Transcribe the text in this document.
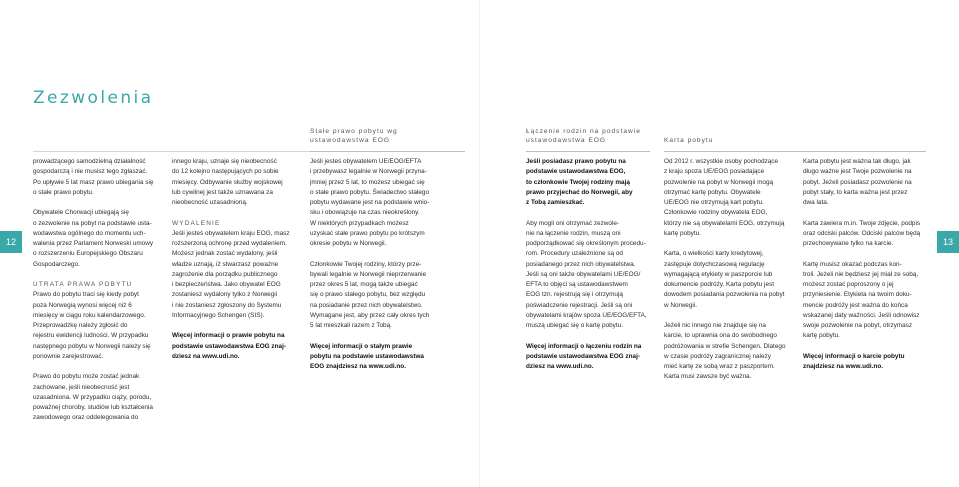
Zezwolenia
Stałe prawo pobytu wg
ustawodawstwa EOG
Łączenie rodzin na podstawie
ustawodawstwa EOG	Karta pobytu

prowadzącego samodzielną działalność
gospodarczą i nie musisz tego zgłaszać.
Po upływie 5 lat masz prawo ubiegania się
o stałe prawo pobytu.

Obywatele Chorwacji ubiegają się
o zezwolenie na pobyt na podstawie usta-
wodawstwa ogólnego do momentu uch-
walenia przez Parlament Norweski umowy
o rozszerzeniu Europejskiego Obszaru
Gospodarczego.

UTRATA PRAWA POBYTU

Prawo do pobytu traci się kiedy pobyt
poza Norwegią wynosi więcej niż 6
miesięcy w ciągu roku kalendarzowego.
Przeprowadzkę należy zgłosić do
rejestru ewidencji ludności. W przypadku
następnego pobytu w Norwegii należy się
ponownie zarejestrować.

Prawo do pobytu może zostać jednak
zachowane, jeśli nieobecność jest
uzasadniona. W przypadku ciąży, porodu,
poważnej choroby, studiów lub kształcenia
zawodowego oraz oddelegowania do

innego kraju, uznaje się nieobecność
do 12 kolejno następujących po sobie
miesięcy. Odbywanie służby wojskowej
lub cywilnej jest także uznawana za
nieobecność uzasadnioną.

WYDALENIE

Jeśli jesteś obywatelem kraju EOG, masz
rozszerzoną ochronę przed wydaleniem.
Możesz jednak zostać wydalony, jeśli
władze uznają, iż stwarzasz poważne
zagrożenie dla porządku publicznego
i bezpieczeństwa. Jako obywatel EOG
zostaniesz wydalony tylko z Norwegii
i nie zostaniesz zgłoszony do Systemu
Informacyjnego Schengen (SIS).

Więcej informacji o prawie pobytu na
podstawie ustawodawstwa EOG znaj-
dziesz na www.udi.no.

Jeśli jesteś obywatelem UE/EOG/EFTA
i przebywasz legalnie w Norwegii przyna-
jmniej przez 5 lat, to możesz ubiegać się
o stałe prawo pobytu. Świadectwo stałego
pobytu wydawane jest na podstawie wnio-
sku i obowiązuje na czas nieokreślony.
W niektórych przypadkach możesz
uzyskać stałe prawo pobytu po krótszym
okresie pobytu w Norwegii.

Członkowie Twojej rodziny, którzy prze-
bywali legalnie w Norwegii nieprzerwanie
przez okres 5 lat, mogą także ubiegać
się o prawo stałego pobytu, bez względu
na posiadanie przez nich obywatelstwo.
Wymagane jest, aby przez cały okres tych
5 lat mieszkali razem z Tobą.

Więcej informacji o stałym prawie
pobytu na podstawie ustawodawstwa
EOG znajdziesz na www.udi.no.

12

Jeśli posiadasz prawo pobytu na
podstawie ustawodawstwa EOG,
to członkowie Twojej rodziny mają
prawo przyjechać do Norwegii, aby
z Tobą zamieszkać.

Aby mogli oni otrzymać zezwole-
nie na łączenie rodzin, muszą oni
podporządkować się określonym procedu-
rom. Procedury uzależnione są od
posiadanego przez nich obywatelstwa.
Jeśli są oni także obywatelami UE/EOG/
EFTA to objęci są ustawodawstwem
EOG tzn. rejestrują się i otrzymują
poświadczenie rejestracji. Jeśli są oni
obywatelami krajów spoza UE/EOG/EFTA,
muszą ubiegać się o kartę pobytu.

Więcej informacji o łączeniu rodzin na
podstawie ustawodawstwa EOG znaj-
dziesz na www.udi.no.

Od 2012 r. wszystkie osoby pochodzące
z kraju spoza UE/EOG posiadające
pozwolenie na pobyt w Norwegii mogą
otrzymać kartę pobytu. Obywatele
UE/EOG nie otrzymują kart pobytu.
Członkowie rodziny obywatela EOG,
którzy nie są obywatelami EOG, otrzymują
kartę pobytu.

Karta, o wielkości karty kredytowej,
zastępuje dotychczasową regulację
wymagającą etykiety w paszporcie lub
dokumencie podróży. Karta pobytu jest
dowodem posiadania pozwolenia na pobyt
w Norwegii.

Jeżeli nic innego nie znajduje się na
karcie, to uprawnia ona do swobodnego
podróżowania w strefie Schengen. Dlatego
w czasie podróży zagranicznej należy
mieć kartę ze sobą wraz z paszportem.
Karta musi zawsze być ważna.

Karta pobytu jest ważna tak długo, jak
długo ważne jest Twoje pozwolenie na
pobyt. Jeżeli posiadasz pozwolenie na
pobyt stały, to karta ważna jest przez
dwa lata.

Karta zawiera m.in. Twoje zdjęcie, podpis
oraz odciski palców. Odciski palców będą
przechowywane tylko na karcie.

Kartę musisz okazać podczas kon-
troli. Jeżeli nie będziesz jej miał ze sobą,
możesz zostać poproszony o jej
przyniesienie. Etykieta na twoim doku-
mencie podróży jest ważna do końca
wskazanej daty ważności. Jeśli odnowisz
swoje pozwolenie na pobyt, otrzymasz
kartę pobytu.

Więcej informacji o karcie pobytu
znajdziesz na www.udi.no.

13
